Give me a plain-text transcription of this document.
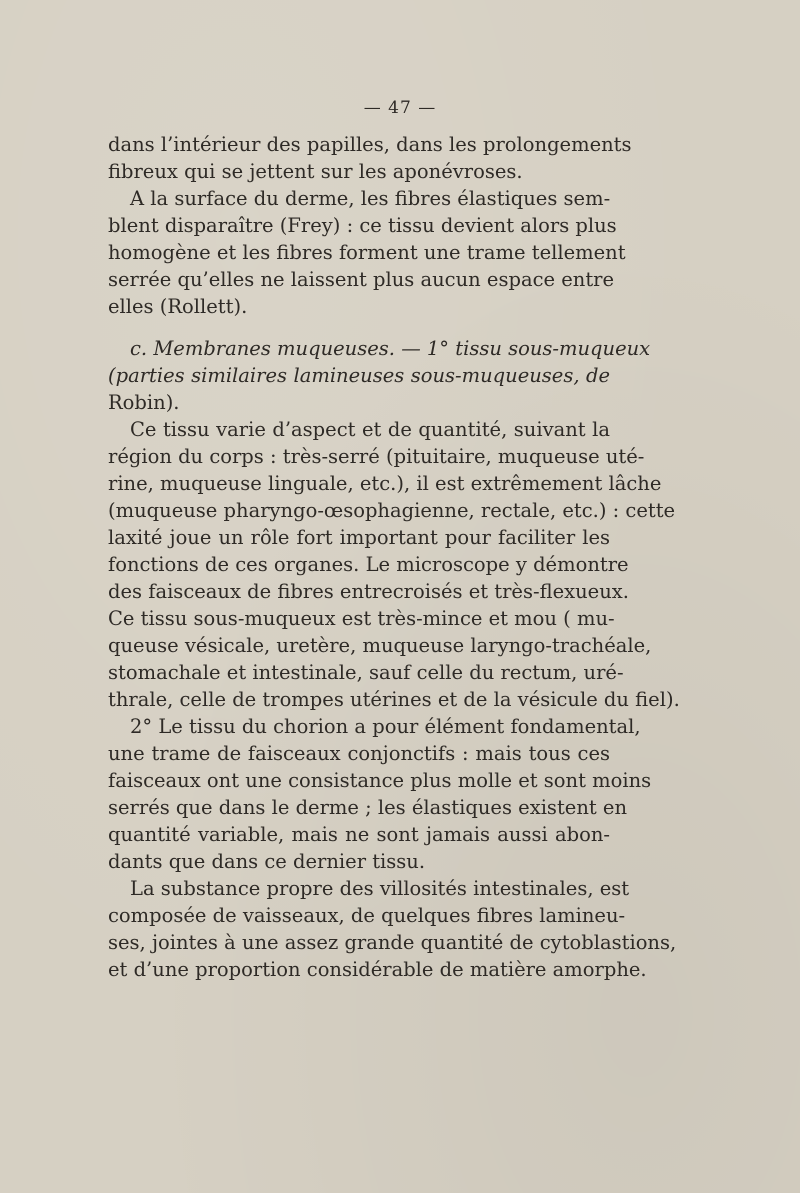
— 47 —

dans l’intérieur des papilles, dans les prolongements
fibreux qui se jettent sur les aponévroses.

A la surface du derme, les fibres élastiques sem-
blent disparaître (Frey) : ce tissu devient alors plus
homogène et les fibres forment une trame tellement
serrée qu’elles ne laissent plus aucun espace entre
elles (Rollett).

c. Membranes muqueuses. — 1° tissu sous-muqueux
(parties similaires lamineuses sous-muqueuses, de
Robin).

Ce tissu varie d’aspect et de quantité, suivant la
région du corps : très-serré (pituitaire, muqueuse uté-
rine, muqueuse linguale, etc.), il est extrêmement lâche
(muqueuse pharyngo-œsophagienne, rectale, etc.) : cette
laxité joue un rôle fort important pour faciliter les
fonctions de ces organes. Le microscope y démontre
des faisceaux de fibres entrecroisés et très-flexueux.
Ce tissu sous-muqueux est très-mince et mou ( mu-
queuse vésicale, uretère, muqueuse laryngo-trachéale,
stomachale et intestinale, sauf celle du rectum, uré-
thrale, celle de trompes utérines et de la vésicule du fiel).

2° Le tissu du chorion a pour élément fondamental,
une trame de faisceaux conjonctifs : mais tous ces
faisceaux ont une consistance plus molle et sont moins
serrés que dans le derme ; les élastiques existent en
quantité variable, mais ne sont jamais aussi abon-
dants que dans ce dernier tissu.

La substance propre des villosités intestinales, est
composée de vaisseaux, de quelques fibres lamineu-
ses, jointes à une assez grande quantité de cytoblastions,
et d’une proportion considérable de matière amorphe.
